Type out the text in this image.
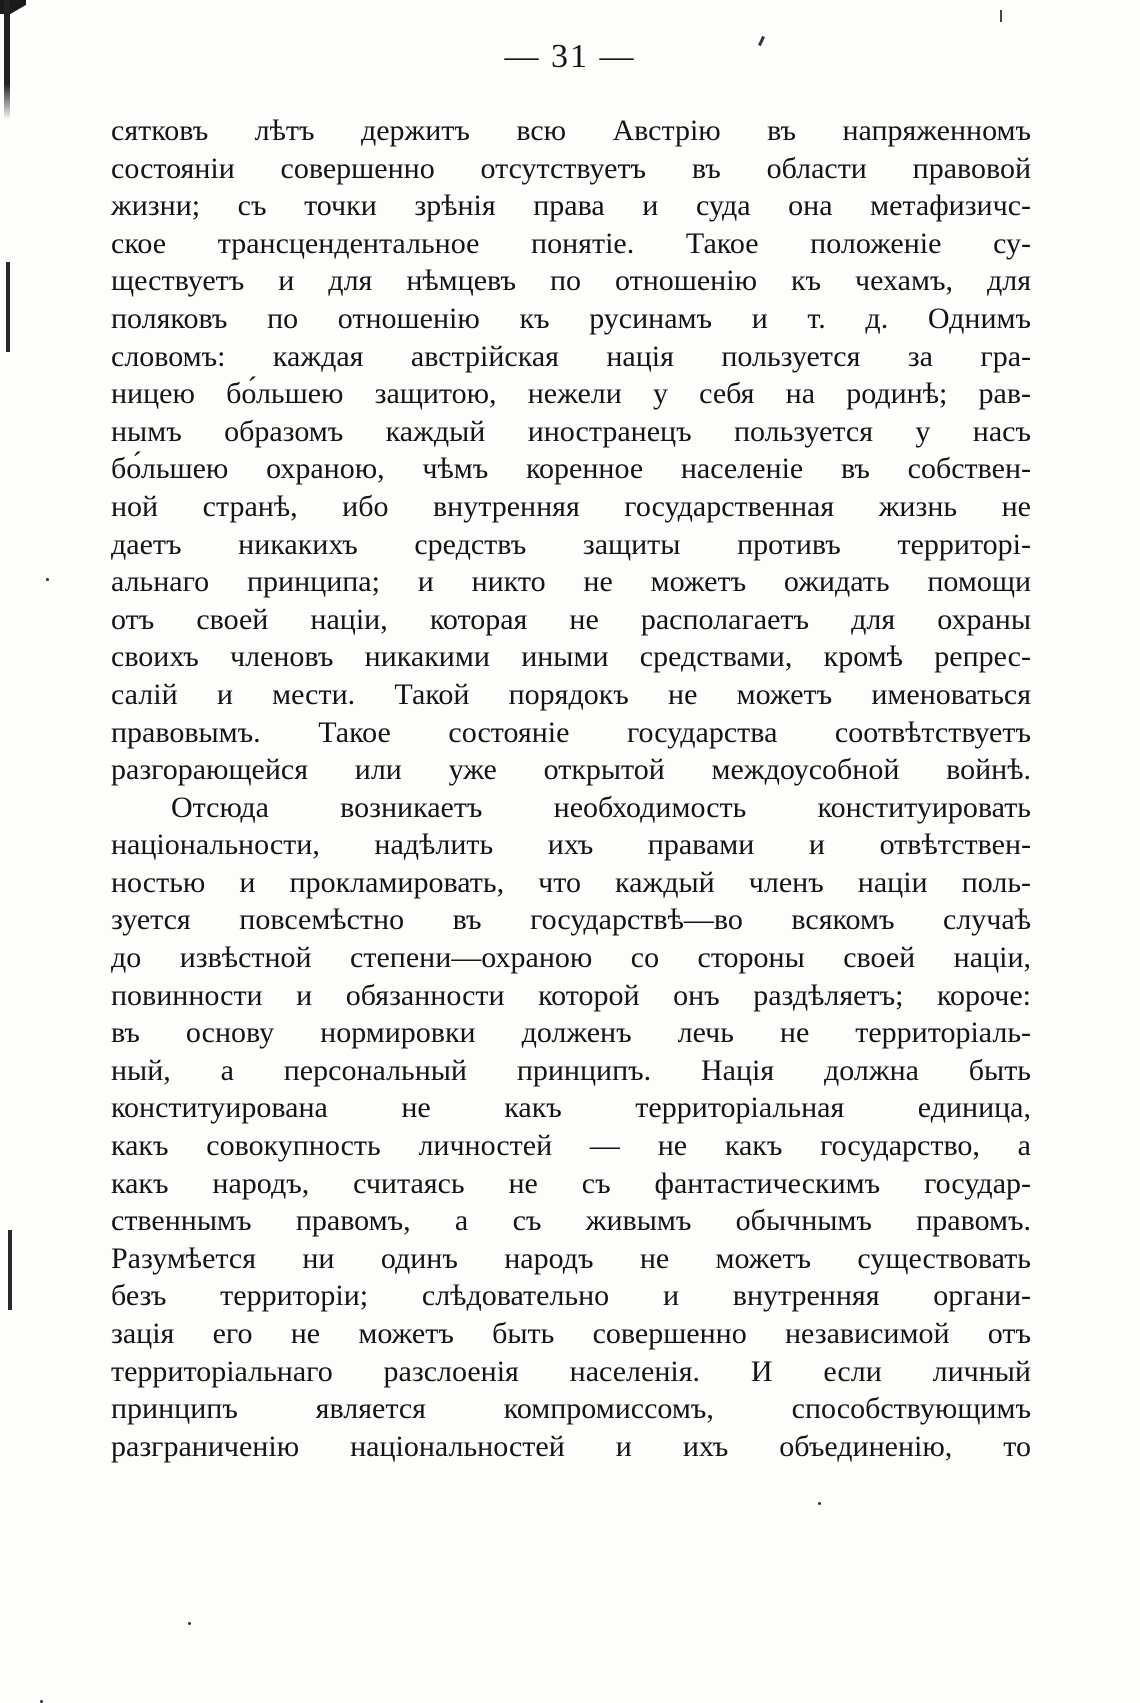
— 31 —
сятковъ лѣтъ держитъ всю Австрію въ напряженномъ
состояніи совершенно отсутствуетъ въ области правовой
жизни; съ точки зрѣнія права и суда она метафизичс-
ское трансцендентальное понятіе. Такое положеніе су-
ществуетъ и для нѣмцевъ по отношенію къ чехамъ, для
поляковъ по отношенію къ русинамъ и т. д. Однимъ
словомъ: каждая австрійская нація пользуется за гра-
ницею бо́льшею защитою, нежели у себя на родинѣ; рав-
нымъ образомъ каждый иностранецъ пользуется у насъ
бо́льшею охраною, чѣмъ коренное населеніе въ собствен-
ной странѣ, ибо внутренняя государственная жизнь не
даетъ никакихъ средствъ защиты противъ территорі-
альнаго принципа; и никто не можетъ ожидать помощи
отъ своей націи, которая не располагаетъ для охраны
своихъ членовъ никакими иными средствами, кромѣ репрес-
салій и мести. Такой порядокъ не можетъ именоваться
правовымъ. Такое состояніе государства соотвѣтствуетъ
разгорающейся или уже открытой междоусобной войнѣ.
Отсюда возникаетъ необходимость конституировать
національности, надѣлить ихъ правами и отвѣтствен-
ностью и прокламировать, что каждый членъ націи поль-
зуется повсемѣстно въ государствѣ—во всякомъ случаѣ
до извѣстной степени—охраною со стороны своей націи,
повинности и обязанности которой онъ раздѣляетъ; короче:
въ основу нормировки долженъ лечь не территоріаль-
ный, а персональный принципъ. Нація должна быть
конституирована не какъ территоріальная единица,
какъ совокупность личностей — не какъ государство, а
какъ народъ, считаясь не съ фантастическимъ государ-
ственнымъ правомъ, а съ живымъ обычнымъ правомъ.
Разумѣется ни одинъ народъ не можетъ существовать
безъ территоріи; слѣдовательно и внутренняя органи-
зація его не можетъ быть совершенно независимой отъ
территоріальнаго разслоенія населенія. И если личный
принципъ является компромиссомъ, способствующимъ
разграниченію національностей и ихъ объединенію, то
